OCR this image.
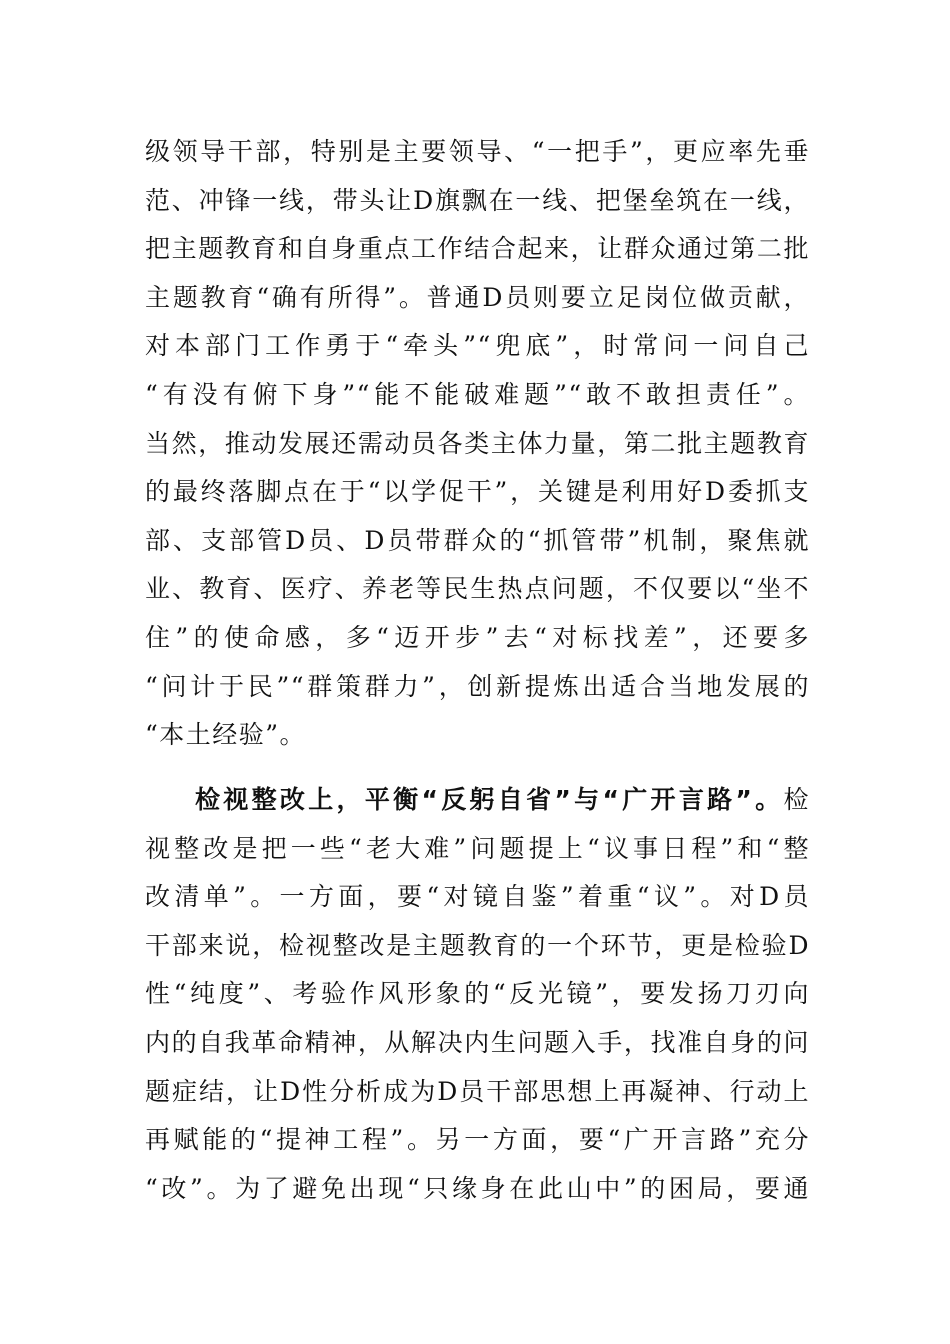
级领导干部，特别是主要领导、“一把手”，更应率先垂
范、冲锋一线，带头让D旗飘在一线、把堡垒筑在一线，
把主题教育和自身重点工作结合起来，让群众通过第二批
主题教育“确有所得”。普通D员则要立足岗位做贡献，
对本部门工作勇于“牵头”“兜底”，时常问一问自己
“有没有俯下身”“能不能破难题”“敢不敢担责任”。
当然，推动发展还需动员各类主体力量，第二批主题教育
的最终落脚点在于“以学促干”，关键是利用好D委抓支
部、支部管D员、D员带群众的“抓管带”机制，聚焦就
业、教育、医疗、养老等民生热点问题，不仅要以“坐不
住”的使命感，多“迈开步”去“对标找差”，还要多
“问计于民”“群策群力”，创新提炼出适合当地发展的
“本土经验”。
检视整改上，平衡“反躬自省”与“广开言路”。检
视整改是把一些“老大难”问题提上“议事日程”和“整
改清单”。一方面，要“对镜自鉴”着重“议”。对D员
干部来说，检视整改是主题教育的一个环节，更是检验D
性“纯度”、考验作风形象的“反光镜”，要发扬刀刃向
内的自我革命精神，从解决内生问题入手，找准自身的问
题症结，让D性分析成为D员干部思想上再凝神、行动上
再赋能的“提神工程”。另一方面，要“广开言路”充分
“改”。为了避免出现“只缘身在此山中”的困局，要通
